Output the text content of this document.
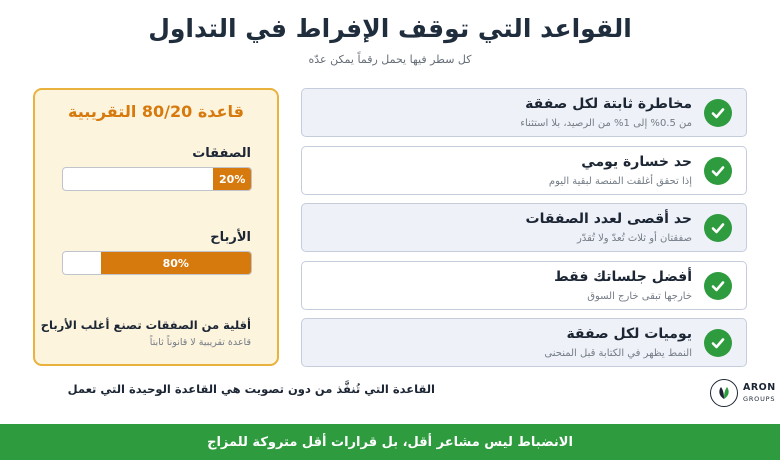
القواعد التي توقف الإفراط في التداول
كل سطر فيها يحمل رقماً يمكن عدّه
مخاطرة ثابتة لكل صفقة
من 0.5% إلى 1% من الرصيد، بلا استثناء
حد خسارة يومي
إذا تحقق أغلقت المنصة لبقية اليوم
حد أقصى لعدد الصفقات
صفقتان أو ثلاث تُعدّ ولا تُقدّر
أفضل جلساتك فقط
خارجها تبقى خارج السوق
يوميات لكل صفقة
النمط يظهر في الكتابة قبل المنحنى
قاعدة 80/20 التقريبية
الصفقات
20%
الأرباح
80%
أقلية من الصفقات تصنع أغلب الأرباح
قاعدة تقريبية لا قانوناً ثابتاً
القاعدة التي تُنفَّذ من دون تصويت هي القاعدة الوحيدة التي تعمل	ARON
GROUPS
الانضباط ليس مشاعر أقل، بل قرارات أقل متروكة للمزاج
